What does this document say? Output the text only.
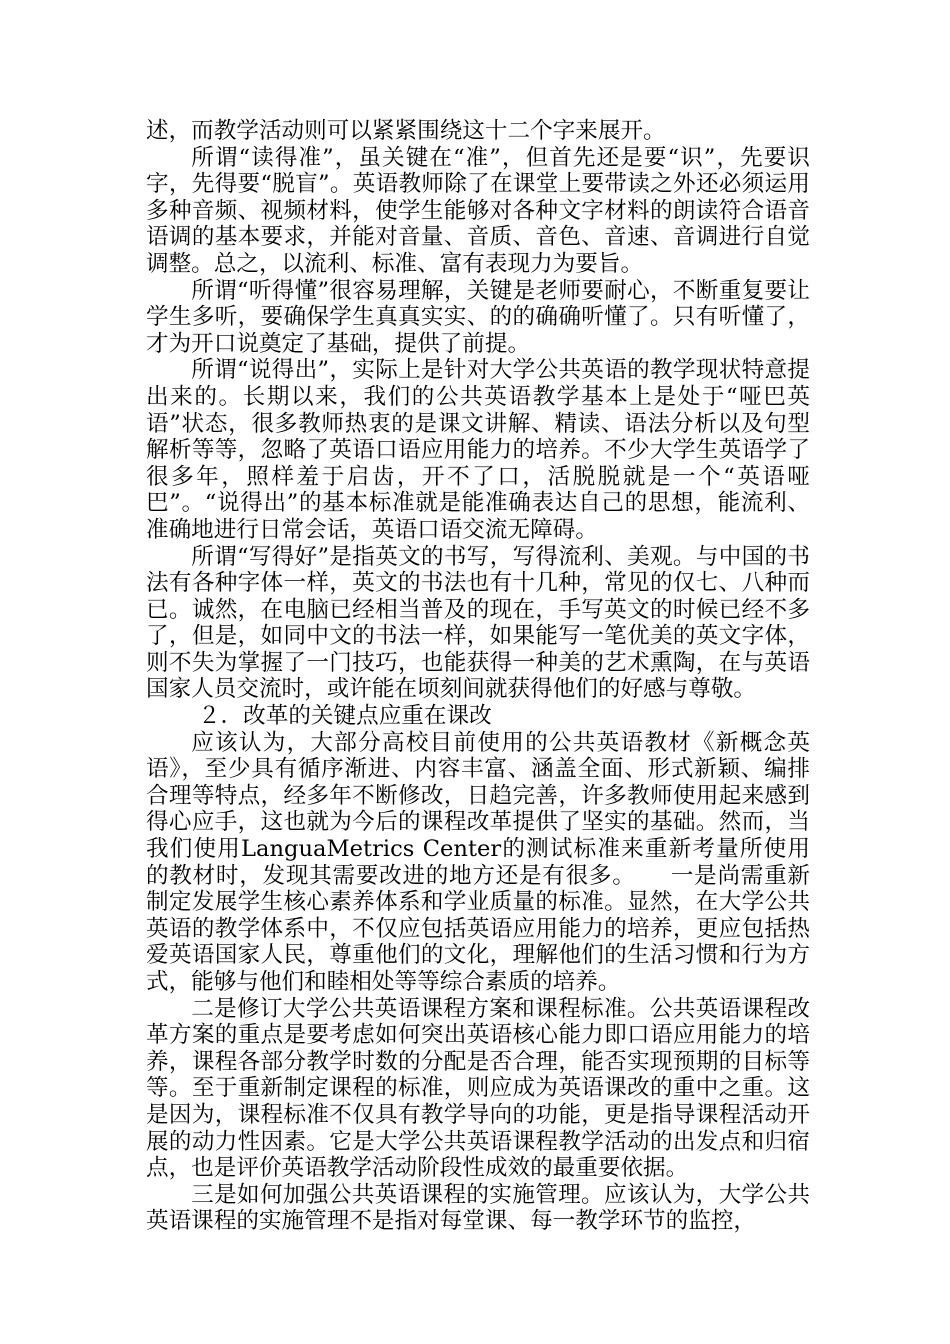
述，而教学活动则可以紧紧围绕这十二个字来展开。

所谓“读得准”，虽关键在“准”，但首先还是要“识”，先要识字，先得要“脱盲”。英语教师除了在课堂上要带读之外还必须运用多种音频、视频材料，使学生能够对各种文字材料的朗读符合语音语调的基本要求，并能对音量、音质、音色、音速、音调进行自觉调整。总之，以流利、标准、富有表现力为要旨。

所谓“听得懂”很容易理解，关键是老师要耐心，不断重复要让学生多听，要确保学生真真实实、的的确确听懂了。只有听懂了，才为开口说奠定了基础，提供了前提。

所谓“说得出”，实际上是针对大学公共英语的教学现状特意提出来的。长期以来，我们的公共英语教学基本上是处于“哑巴英语”状态，很多教师热衷的是课文讲解、精读、语法分析以及句型解析等等，忽略了英语口语应用能力的培养。不少大学生英语学了很多年，照样羞于启齿，开不了口，活脱脱就是一个“英语哑巴”。“说得出”的基本标准就是能准确表达自己的思想，能流利、准确地进行日常会话，英语口语交流无障碍。

所谓“写得好”是指英文的书写，写得流利、美观。与中国的书法有各种字体一样，英文的书法也有十几种，常见的仅七、八种而已。诚然，在电脑已经相当普及的现在，手写英文的时候已经不多了，但是，如同中文的书法一样，如果能写一笔优美的英文字体，则不失为掌握了一门技巧，也能获得一种美的艺术熏陶，在与英语国家人员交流时，或许能在顷刻间就获得他们的好感与尊敬。

２．改革的关键点应重在课改

应该认为，大部分高校目前使用的公共英语教材《新概念英语》，至少具有循序渐进、内容丰富、涵盖全面、形式新颖、编排合理等特点，经多年不断修改，日趋完善，许多教师使用起来感到得心应手，这也就为今后的课程改革提供了坚实的基础。然而，当我们使用LanguaMetrics Center的测试标准来重新考量所使用的教材时，发现其需要改进的地方还是有很多。　　一是尚需重新制定发展学生核心素养体系和学业质量的标准。显然，在大学公共英语的教学体系中，不仅应包括英语应用能力的培养，更应包括热爱英语国家人民，尊重他们的文化，理解他们的生活习惯和行为方式，能够与他们和睦相处等等综合素质的培养。

二是修订大学公共英语课程方案和课程标准。公共英语课程改革方案的重点是要考虑如何突出英语核心能力即口语应用能力的培养，课程各部分教学时数的分配是否合理，能否实现预期的目标等等。至于重新制定课程的标准，则应成为英语课改的重中之重。这是因为，课程标准不仅具有教学导向的功能，更是指导课程活动开展的动力性因素。它是大学公共英语课程教学活动的出发点和归宿点，也是评价英语教学活动阶段性成效的最重要依据。

三是如何加强公共英语课程的实施管理。应该认为，大学公共英语课程的实施管理不是指对每堂课、每一教学环节的监控，
